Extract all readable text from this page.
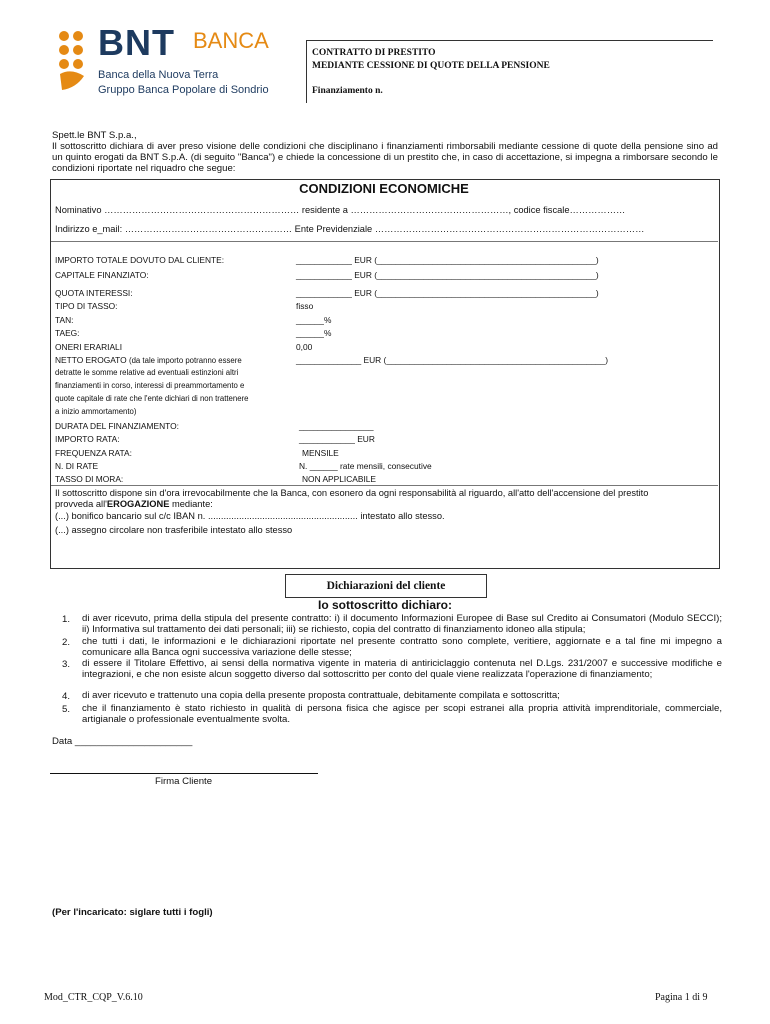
BNT BANCA
Banca della Nuova Terra
Gruppo Banca Popolare di Sondrio
CONTRATTO DI PRESTITO
MEDIANTE CESSIONE DI QUOTE DELLA PENSIONE
Finanziamento n.
Spett.le BNT S.p.a.,
Il sottoscritto dichiara di aver preso visione delle condizioni che disciplinano i finanziamenti rimborsabili mediante cessione di quote della pensione sino ad un quinto erogati da BNT S.p.A. (di seguito "Banca") e chiede la concessione di un prestito che, in caso di accettazione, si impegna a rimborsare secondo le condizioni riportate nel riquadro che segue:
CONDIZIONI ECONOMICHE
Nominativo ……………………………………………………… residente a ……………………………………………, codice fiscale………………
Indirizzo e_mail: ……………………………………………… Ente Previdenziale ……………………………………………………………………………
IMPORTO TOTALE DOVUTO DAL CLIENTE:	____________ EUR (_______________________________________________)
CAPITALE FINANZIATO:	____________ EUR (_______________________________________________)
QUOTA INTERESSI:	____________ EUR (_______________________________________________)
TIPO DI TASSO:	fisso
TAN:	______%
TAEG:	______%
ONERI ERARIALI	0,00
NETTO EROGATO (da tale importo potranno essere
detratte le somme relative ad eventuali estinzioni altri
finanziamenti in corso, interessi di preammortamento e
quote capitale di rate che l'ente dichiari di non trattenere
a inizio ammortamento)
______________ EUR (_______________________________________________)
DURATA DEL FINANZIAMENTO:	________________
IMPORTO RATA:	____________ EUR
FREQUENZA RATA:	MENSILE
N. DI RATE	N. ______ rate mensili, consecutive
TASSO DI MORA:	NON APPLICABILE
Il sottoscritto dispone sin d'ora irrevocabilmente che la Banca, con esonero da ogni responsabilità al riguardo, all'atto dell'accensione del prestito
provveda all'EROGAZIONE mediante:
(...) bonifico bancario sul c/c IBAN n. .......................................................... intestato allo stesso.
(...) assegno circolare non trasferibile intestato allo stesso
Dichiarazioni del cliente
Io sottoscritto dichiaro:
1. di aver ricevuto, prima della stipula del presente contratto: i) il documento Informazioni Europee di Base sul Credito ai Consumatori (Modulo SECCI); ii) Informativa sul trattamento dei dati personali; iii) se richiesto, copia del contratto di finanziamento idoneo alla stipula;
2. che tutti i dati, le informazioni e le dichiarazioni riportate nel presente contratto sono complete, veritiere, aggiornate e a tal fine mi impegno a comunicare alla Banca ogni successiva variazione delle stesse;
3. di essere il Titolare Effettivo, ai sensi della normativa vigente in materia di antiriciclaggio contenuta nel D.Lgs. 231/2007 e successive modifiche e integrazioni, e che non esiste alcun soggetto diverso dal sottoscritto per conto del quale viene realizzata l'operazione di finanziamento;
4. di aver ricevuto e trattenuto una copia della presente proposta contrattuale, debitamente compilata e sottoscritta;
5. che il finanziamento è stato richiesto in qualità di persona fisica che agisce per scopi estranei alla propria attività imprenditoriale, commerciale, artigianale o professionale eventualmente svolta.
Data ______________________
Firma Cliente
(Per l'incaricato: siglare tutti i fogli)
Mod_CTR_CQP_V.6.10	Pagina 1 di 9
